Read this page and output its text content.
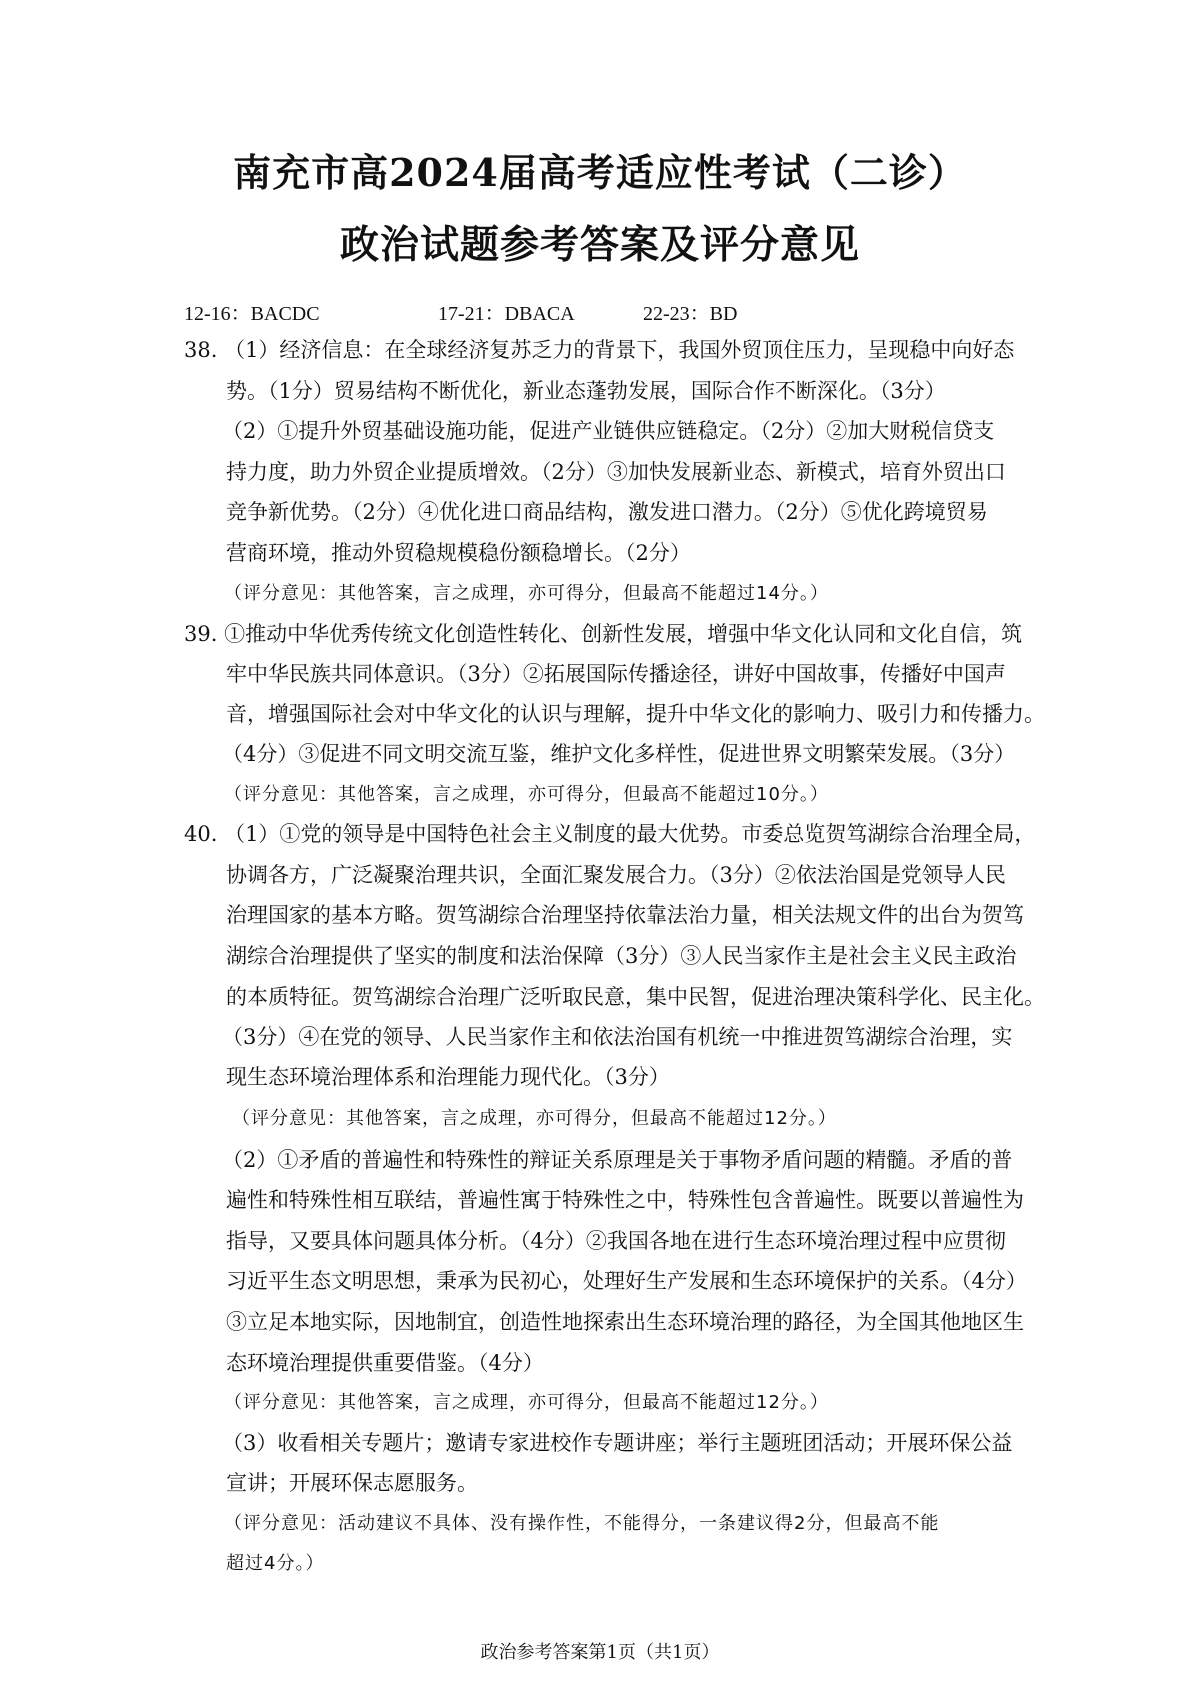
南充市高2024届高考适应性考试（二诊）
政治试题参考答案及评分意见
12-16：BACDC	17-21：DBACA	22-23：BD
38. （1）经济信息：在全球经济复苏乏力的背景下，我国外贸顶住压力，呈现稳中向好态
势。（1分）贸易结构不断优化，新业态蓬勃发展，国际合作不断深化。（3分）
（2）①提升外贸基础设施功能，促进产业链供应链稳定。（2分）②加大财税信贷支
持力度，助力外贸企业提质增效。（2分）③加快发展新业态、新模式，培育外贸出口
竞争新优势。（2分）④优化进口商品结构，激发进口潜力。（2分）⑤优化跨境贸易
营商环境，推动外贸稳规模稳份额稳增长。（2分）
（评分意见：其他答案，言之成理，亦可得分，但最高不能超过14分。）
39. ①推动中华优秀传统文化创造性转化、创新性发展，增强中华文化认同和文化自信，筑
牢中华民族共同体意识。（3分）②拓展国际传播途径，讲好中国故事，传播好中国声
音，增强国际社会对中华文化的认识与理解，提升中华文化的影响力、吸引力和传播力。
（4分）③促进不同文明交流互鉴，维护文化多样性，促进世界文明繁荣发展。（3分）
（评分意见：其他答案，言之成理，亦可得分，但最高不能超过10分。）
40. （1）①党的领导是中国特色社会主义制度的最大优势。市委总览贺笃湖综合治理全局，
协调各方，广泛凝聚治理共识，全面汇聚发展合力。（3分）②依法治国是党领导人民
治理国家的基本方略。贺笃湖综合治理坚持依靠法治力量，相关法规文件的出台为贺笃
湖综合治理提供了坚实的制度和法治保障（3分）③人民当家作主是社会主义民主政治
的本质特征。贺笃湖综合治理广泛听取民意，集中民智，促进治理决策科学化、民主化。
（3分）④在党的领导、人民当家作主和依法治国有机统一中推进贺笃湖综合治理，实
现生态环境治理体系和治理能力现代化。（3分）
（评分意见：其他答案，言之成理，亦可得分，但最高不能超过12分。）
（2）①矛盾的普遍性和特殊性的辩证关系原理是关于事物矛盾问题的精髓。矛盾的普
遍性和特殊性相互联结，普遍性寓于特殊性之中，特殊性包含普遍性。既要以普遍性为
指导，又要具体问题具体分析。（4分）②我国各地在进行生态环境治理过程中应贯彻
习近平生态文明思想，秉承为民初心，处理好生产发展和生态环境保护的关系。（4分）
③立足本地实际，因地制宜，创造性地探索出生态环境治理的路径，为全国其他地区生
态环境治理提供重要借鉴。（4分）
（评分意见：其他答案，言之成理，亦可得分，但最高不能超过12分。）
（3）收看相关专题片；邀请专家进校作专题讲座；举行主题班团活动；开展环保公益
宣讲；开展环保志愿服务。
（评分意见：活动建议不具体、没有操作性，不能得分，一条建议得2分，但最高不能
超过4分。）
政治参考答案第1页（共1页）
